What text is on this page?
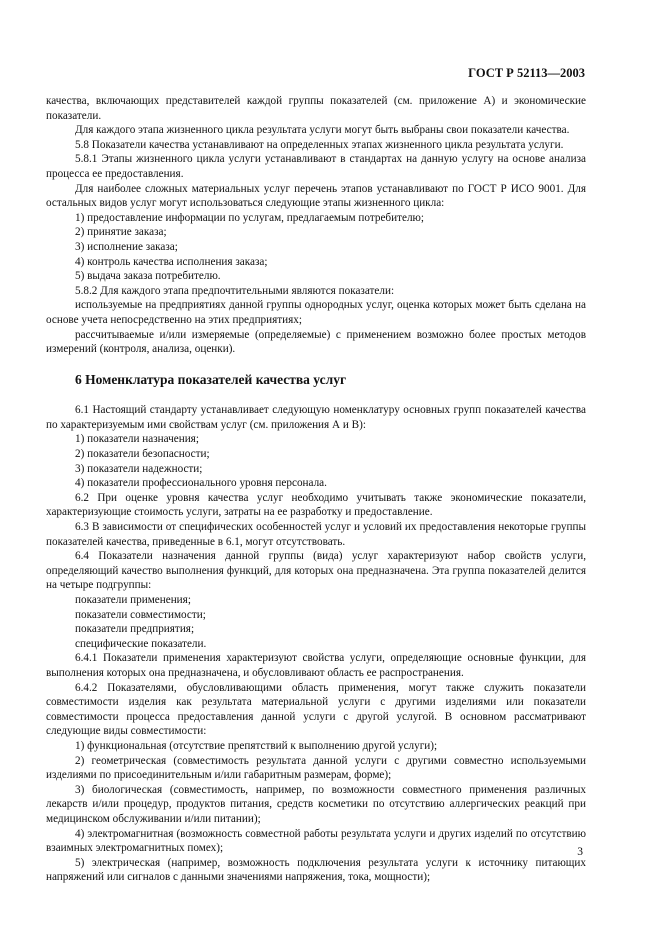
ГОСТ Р 52113—2003

качества, включающих представителей каждой группы показателей (см. приложение А) и экономические показатели.

Для каждого этапа жизненного цикла результата услуги могут быть выбраны свои показатели качества.

5.8 Показатели качества устанавливают на определенных этапах жизненного цикла результата услуги.

5.8.1 Этапы жизненного цикла услуги устанавливают в стандартах на данную услугу на основе анализа процесса ее предоставления.

Для наиболее сложных материальных услуг перечень этапов устанавливают по ГОСТ Р ИСО 9001. Для остальных видов услуг могут использоваться следующие этапы жизненного цикла:

1) предоставление информации по услугам, предлагаемым потребителю;

2) принятие заказа;

3) исполнение заказа;

4) контроль качества исполнения заказа;

5) выдача заказа потребителю.

5.8.2 Для каждого этапа предпочтительными являются показатели:

используемые на предприятиях данной группы однородных услуг, оценка которых может быть сделана на основе учета непосредственно на этих предприятиях;

рассчитываемые и/или измеряемые (определяемые) с применением возможно более простых методов измерений (контроля, анализа, оценки).

6 Номенклатура показателей качества услуг

6.1 Настоящий стандарту устанавливает следующую номенклатуру основных групп показателей качества по характеризуемым ими свойствам услуг (см. приложения А и В):

1) показатели назначения;

2) показатели безопасности;

3) показатели надежности;

4) показатели профессионального уровня персонала.

6.2 При оценке уровня качества услуг необходимо учитывать также экономические показатели, характеризующие стоимость услуги, затраты на ее разработку и предоставление.

6.3 В зависимости от специфических особенностей услуг и условий их предоставления некоторые группы показателей качества, приведенные в 6.1, могут отсутствовать.

6.4 Показатели назначения данной группы (вида) услуг характеризуют набор свойств услуги, определяющий качество выполнения функций, для которых она предназначена. Эта группа показателей делится на четыре подгруппы:

показатели применения;

показатели совместимости;

показатели предприятия;

специфические показатели.

6.4.1 Показатели применения характеризуют свойства услуги, определяющие основные функции, для выполнения которых она предназначена, и обусловливают область ее распространения.

6.4.2 Показателями, обусловливающими область применения, могут также служить показатели совместимости изделия как результата материальной услуги с другими изделиями или показатели совместимости процесса предоставления данной услуги с другой услугой. В основном рассматривают следующие виды совместимости:

1) функциональная (отсутствие препятствий к выполнению другой услуги);

2) геометрическая (совместимость результата данной услуги с другими совместно используемыми изделиями по присоединительным и/или габаритным размерам, форме);

3) биологическая (совместимость, например, по возможности совместного применения различных лекарств и/или процедур, продуктов питания, средств косметики по отсутствию аллергических реакций при медицинском обслуживании и/или питании);

4) электромагнитная (возможность совместной работы результата услуги и других изделий по отсутствию взаимных электромагнитных помех);

5) электрическая (например, возможность подключения результата услуги к источнику питающих напряжений или сигналов с данными значениями напряжения, тока, мощности);

3
